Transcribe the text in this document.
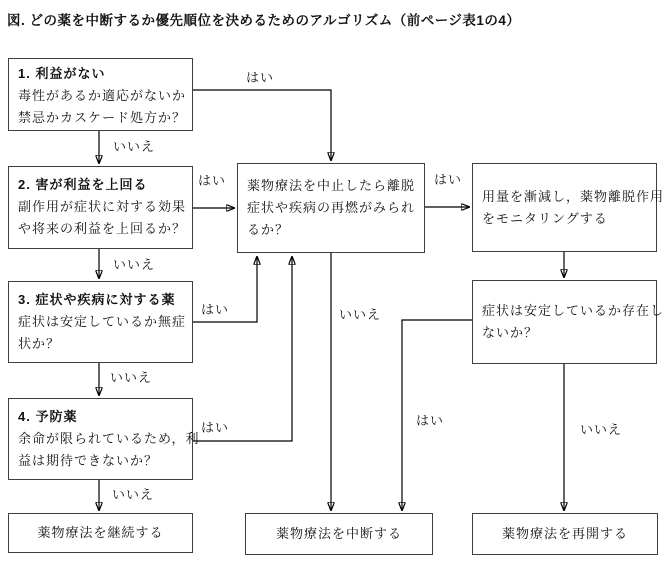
図. どの薬を中断するか優先順位を決めるためのアルゴリズム（前ページ表1の4）
1. 利益がない
毒性があるか適応がないか
禁忌かカスケード処方か？
2. 害が利益を上回る
副作用が症状に対する効果
や将来の利益を上回るか？
3. 症状や疾病に対する薬
症状は安定しているか無症
状か？
4. 予防薬
余命が限られているため，利
益は期待できないか？
薬物療法を中止したら離脱
症状や疾病の再燃がみられ
るか？
用量を漸減し，薬物離脱作用
をモニタリングする
症状は安定しているか存在し
ないか？
薬物療法を継続する	薬物療法を中断する	薬物療法を再開する
はい
いいえ
はい
いいえ
はい
いいえ
はい
いいえ
はい
いいえ
はい
いいえ
